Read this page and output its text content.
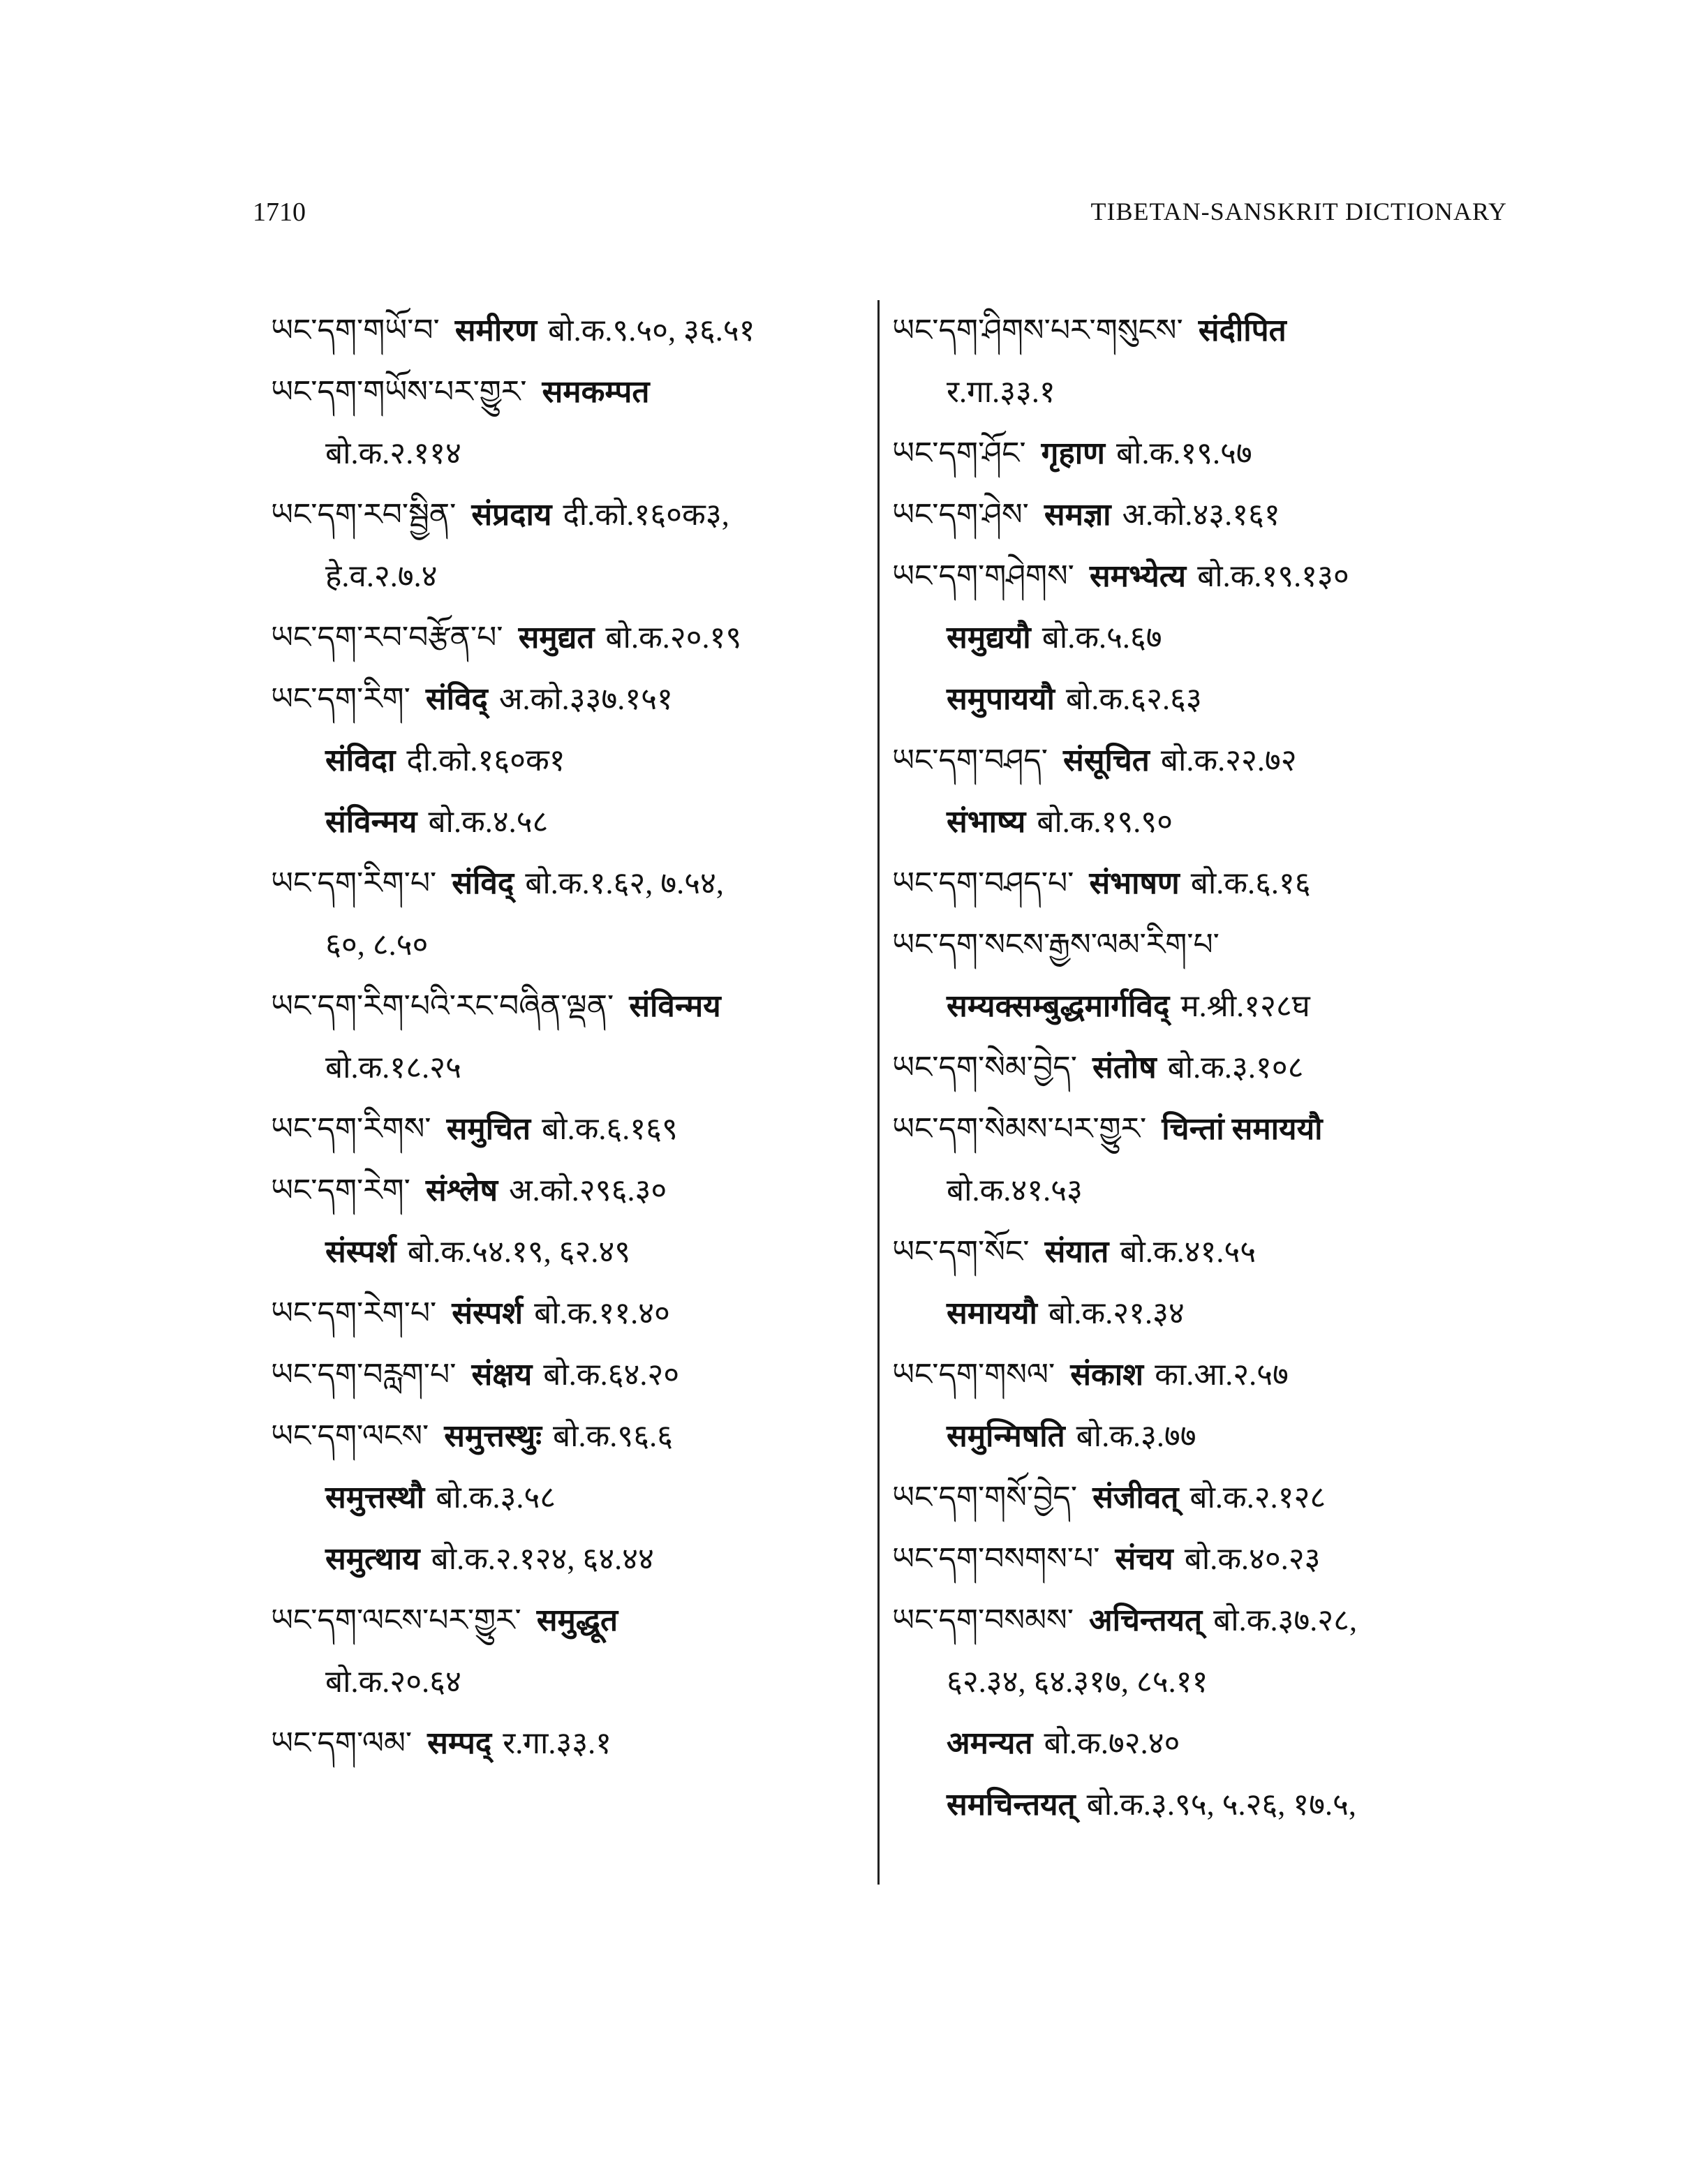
1710	TIBETAN-SANSKRIT DICTIONARY
ཡང་དག་གཡོ་བ་ समीरण बो.क.९.५०, ३६.५१
ཡང་དག་གཡོས་པར་གྱུར་ समकम्पत
बो.क.२.११४
ཡང་དག་རབ་སྦྱིན་ संप्रदाय दी.को.१६०क३,
हे.व.२.७.४
ཡང་དག་རབ་བརྩོན་པ་ समुद्यत बो.क.२०.१९
ཡང་དག་རིག་ संविद् अ.को.३३७.१५१
संविदा दी.को.१६०क१
संविन्मय बो.क.४.५८
ཡང་དག་རིག་པ་ संविद् बो.क.१.६२, ७.५४,
६०, ८.५०
ཡང་དག་རིག་པའི་རང་བཞིན་ལྡན་ संविन्मय
बो.क.१८.२५
ཡང་དག་རིགས་ समुचित बो.क.६.१६९
ཡང་དག་རེག་ संश्लेष अ.को.२९६.३०
संस्पर्श बो.क.५४.१९, ६२.४९
ཡང་དག་རེག་པ་ संस्पर्श बो.क.११.४०
ཡང་དག་བརླག་པ་ संक्षय बो.क.६४.२०
ཡང་དག་ལངས་ समुत्तस्थुः बो.क.९६.६
समुत्तस्थौ बो.क.३.५८
समुत्थाय बो.क.२.१२४, ६४.४४
ཡང་དག་ལངས་པར་གྱུར་ समुद्धूत
बो.क.२०.६४
ཡང་དག་ལམ་ सम्पद् र.गा.३३.१
ཡང་དག་ཤིགས་པར་གསུངས་ संदीपित
र.गा.३३.१
ཡང་དག་ཤོང་ गृहाण बो.क.१९.५७
ཡང་དག་ཤེས་ समज्ञा अ.को.४३.१६१
ཡང་དག་གཤེགས་ समभ्येत्य बो.क.१९.१३०
समुद्ययौ बो.क.५.६७
समुपाययौ बो.क.६२.६३
ཡང་དག་བཤད་ संसूचित बो.क.२२.७२
संभाष्य बो.क.१९.९०
ཡང་དག་བཤད་པ་ संभाषण बो.क.६.१६
ཡང་དག་སངས་རྒྱས་ལམ་རིག་པ་
सम्यक्सम्बुद्धमार्गविद् म.श्री.१२८घ
ཡང་དག་སེམ་བྱེད་ संतोष बो.क.३.१०८
ཡང་དག་སེམས་པར་གྱུར་ चिन्तां समाययौ
बो.क.४१.५३
ཡང་དག་སོང་ संयात बो.क.४१.५५
समाययौ बो.क.२१.३४
ཡང་དག་གསལ་ संकाश का.आ.२.५७
समुन्मिषति बो.क.३.७७
ཡང་དག་གསོ་བྱེད་ संजीवत् बो.क.२.१२८
ཡང་དག་བསགས་པ་ संचय बो.क.४०.२३
ཡང་དག་བསམས་ अचिन्तयत् बो.क.३७.२८,
६२.३४, ६४.३१७, ८५.११
अमन्यत बो.क.७२.४०
समचिन्तयत् बो.क.३.९५, ५.२६, १७.५,
